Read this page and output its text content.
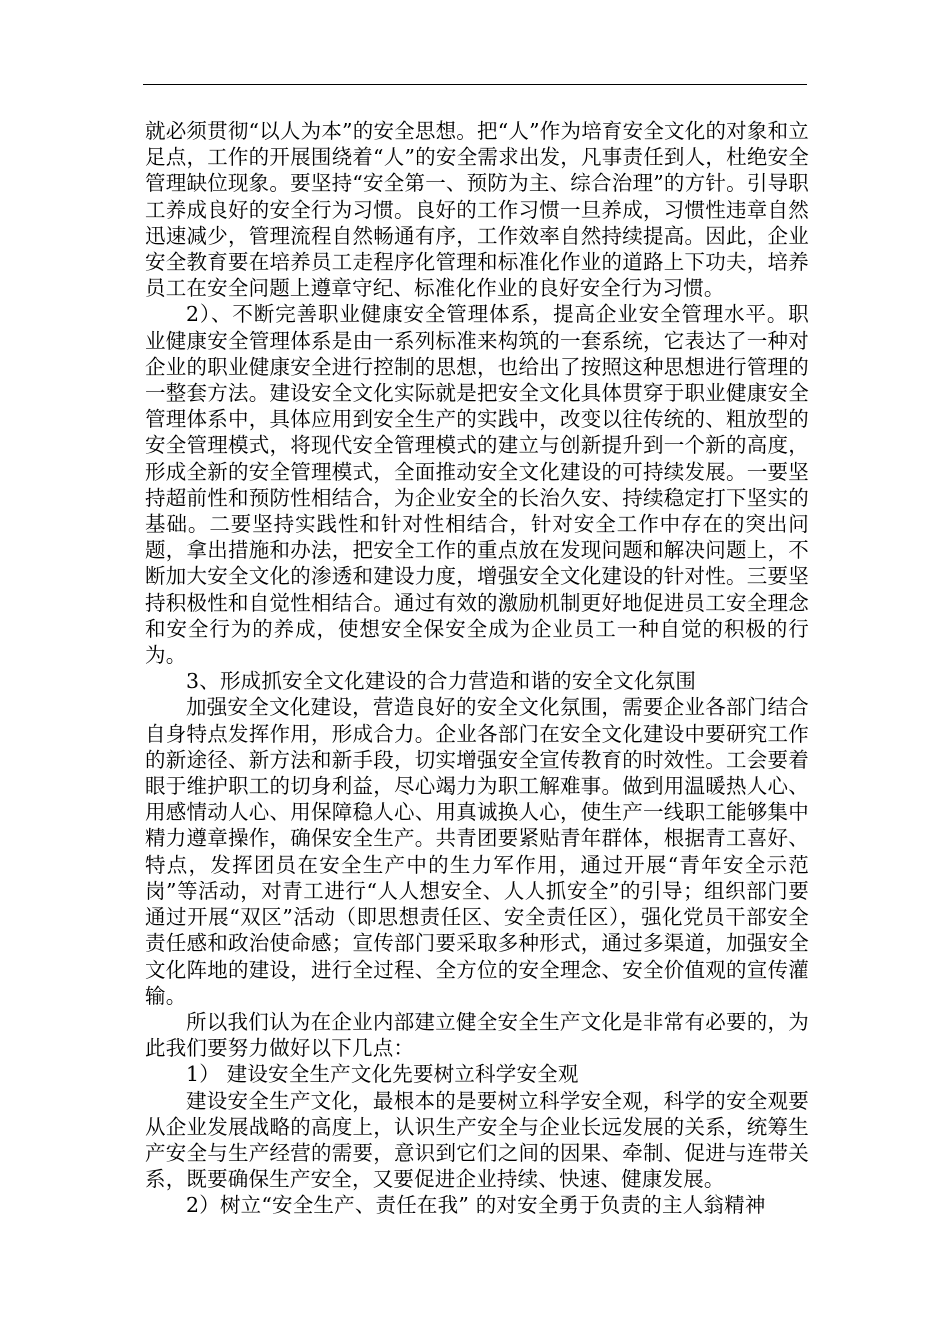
就必须贯彻“以人为本”的安全思想。把“人”作为培育安全文化的对象和立足点，工作的开展围绕着“人”的安全需求出发，凡事责任到人，杜绝安全管理缺位现象。要坚持“安全第一、预防为主、综合治理”的方针。引导职工养成良好的安全行为习惯。良好的工作习惯一旦养成，习惯性违章自然迅速减少，管理流程自然畅通有序，工作效率自然持续提高。因此，企业安全教育要在培养员工走程序化管理和标准化作业的道路上下功夫，培养员工在安全问题上遵章守纪、标准化作业的良好安全行为习惯。

2）、不断完善职业健康安全管理体系，提高企业安全管理水平。职业健康安全管理体系是由一系列标准来构筑的一套系统，它表达了一种对企业的职业健康安全进行控制的思想，也给出了按照这种思想进行管理的一整套方法。建设安全文化实际就是把安全文化具体贯穿于职业健康安全管理体系中，具体应用到安全生产的实践中，改变以往传统的、粗放型的安全管理模式，将现代安全管理模式的建立与创新提升到一个新的高度，形成全新的安全管理模式，全面推动安全文化建设的可持续发展。一要坚持超前性和预防性相结合，为企业安全的长治久安、持续稳定打下坚实的基础。二要坚持实践性和针对性相结合，针对安全工作中存在的突出问题，拿出措施和办法，把安全工作的重点放在发现问题和解决问题上，不断加大安全文化的渗透和建设力度，增强安全文化建设的针对性。三要坚持积极性和自觉性相结合。通过有效的激励机制更好地促进员工安全理念和安全行为的养成，使想安全保安全成为企业员工一种自觉的积极的行为。

3、形成抓安全文化建设的合力营造和谐的安全文化氛围

加强安全文化建设，营造良好的安全文化氛围，需要企业各部门结合自身特点发挥作用，形成合力。企业各部门在安全文化建设中要研究工作的新途径、新方法和新手段，切实增强安全宣传教育的时效性。工会要着眼于维护职工的切身利益，尽心竭力为职工解难事。做到用温暖热人心、用感情动人心、用保障稳人心、用真诚换人心，使生产一线职工能够集中精力遵章操作，确保安全生产。共青团要紧贴青年群体，根据青工喜好、特点，发挥团员在安全生产中的生力军作用，通过开展“青年安全示范岗”等活动，对青工进行“人人想安全、人人抓安全”的引导；组织部门要通过开展“双区”活动（即思想责任区、安全责任区），强化党员干部安全责任感和政治使命感；宣传部门要采取多种形式，通过多渠道，加强安全文化阵地的建设，进行全过程、全方位的安全理念、安全价值观的宣传灌输。

所以我们认为在企业内部建立健全安全生产文化是非常有必要的，为此我们要努力做好以下几点：

1） 建设安全生产文化先要树立科学安全观

建设安全生产文化，最根本的是要树立科学安全观，科学的安全观要从企业发展战略的高度上，认识生产安全与企业长远发展的关系，统筹生产安全与生产经营的需要，意识到它们之间的因果、牵制、促进与连带关系，既要确保生产安全，又要促进企业持续、快速、健康发展。

2）树立“安全生产、责任在我” 的对安全勇于负责的主人翁精神
